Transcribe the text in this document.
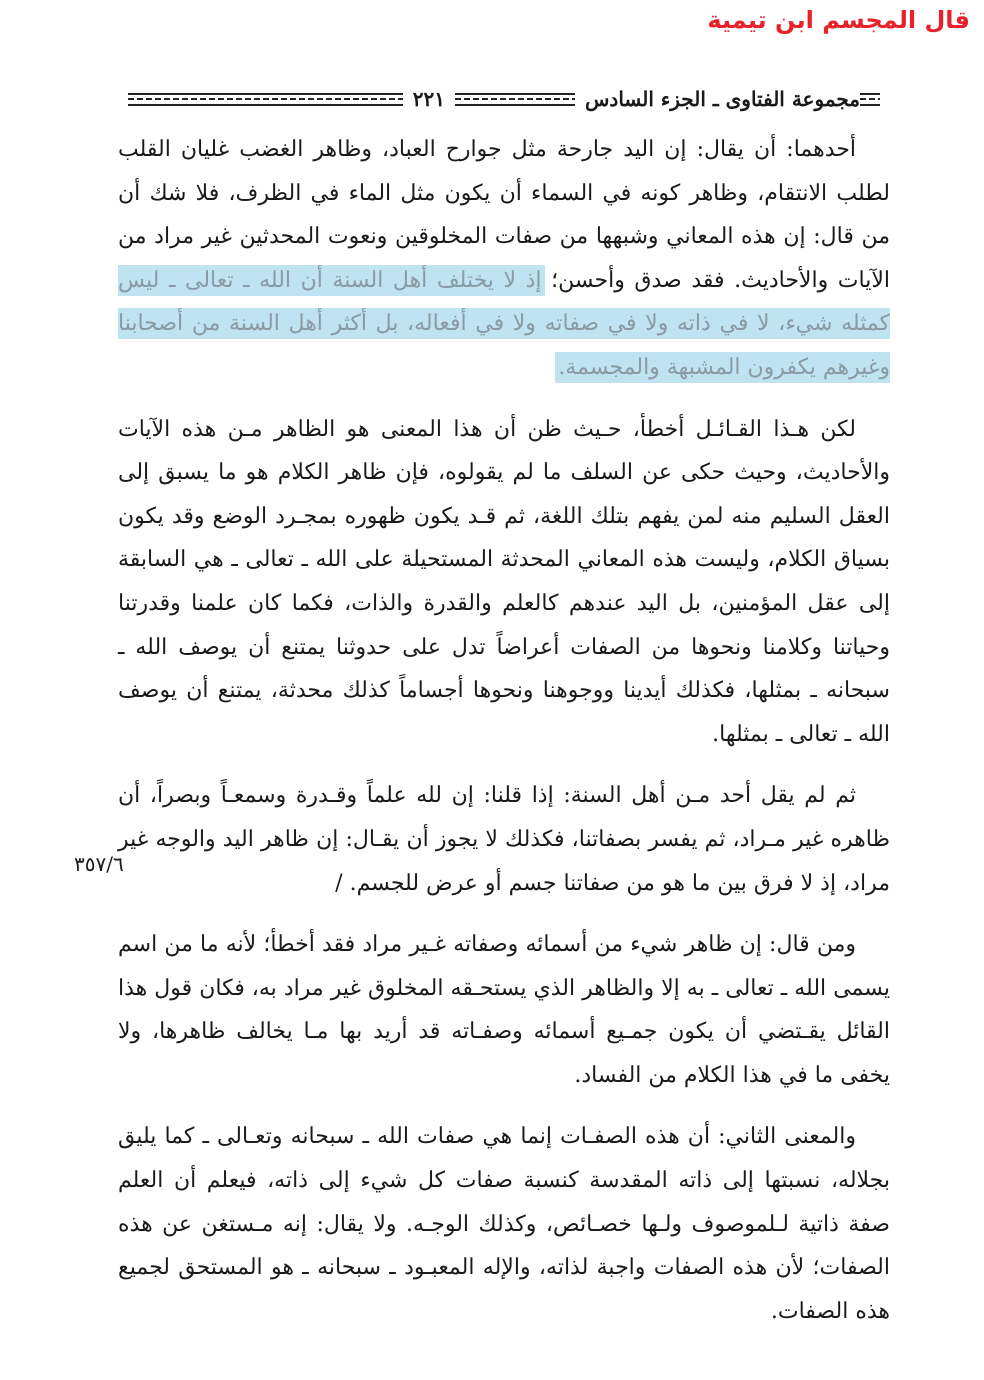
قال المجسم ابن تيمية
مجموعة الفتاوى ـ الجزء السادس
٢٢١

أحدهما: أن يقال: إن اليد جارحة مثل جوارح العباد، وظاهر الغضب غليان القلب لطلب الانتقام، وظاهر كونه في السماء أن يكون مثل الماء في الظرف، فلا شك أن من قال: إن هذه المعاني وشبهها من صفات المخلوقين ونعوت المحدثين غير مراد من الآيات والأحاديث. فقد صدق وأحسن؛ إذ لا يختلف أهل السنة أن الله ـ تعالى ـ ليس كمثله شيء، لا في ذاته ولا في صفاته ولا في أفعاله، بل أكثر أهل السنة من أصحابنا وغيرهم يكفرون المشبهة والمجسمة.

لكن هـذا القـائـل أخطأ، حـيث ظن أن هذا المعنى هو الظاهر مـن هذه الآيات والأحاديث، وحيث حكى عن السلف ما لم يقولوه، فإن ظاهر الكلام هو ما يسبق إلى العقل السليم منه لمن يفهم بتلك اللغة، ثم قـد يكون ظهوره بمجـرد الوضع وقد يكون بسياق الكلام، وليست هذه المعاني المحدثة المستحيلة على الله ـ تعالى ـ هي السابقة إلى عقل المؤمنين، بل اليد عندهم كالعلم والقدرة والذات، فكما كان علمنا وقدرتنا وحياتنا وكلامنا ونحوها من الصفات أعراضاً تدل على حدوثنا يمتنع أن يوصف الله ـ سبحانه ـ بمثلها، فكذلك أيدينا ووجوهنا ونحوها أجساماً كذلك محدثة، يمتنع أن يوصف الله ـ تعالى ـ بمثلها.

ثم لم يقل أحد مـن أهل السنة: إذا قلنا: إن لله علماً وقـدرة وسمعـاً وبصراً، أن ظاهره غير مـراد، ثم يفسر بصفاتنا، فكذلك لا يجوز أن يقـال: إن ظاهر اليد والوجه غير مراد، إذ لا فرق بين ما هو من صفاتنا جسم أو عرض للجسم. /

ومن قال: إن ظاهر شيء من أسمائه وصفاته غـير مراد فقد أخطأ؛ لأنه ما من اسم يسمى الله ـ تعالى ـ به إلا والظاهر الذي يستحـقه المخلوق غير مراد به، فكان قول هذا القائل يقـتضي أن يكون جمـيع أسمائه وصفـاته قد أريد بها مـا يخالف ظاهرها، ولا يخفى ما في هذا الكلام من الفساد.

والمعنى الثاني: أن هذه الصفـات إنما هي صفات الله ـ سبحانه وتعـالى ـ كما يليق بجلاله، نسبتها إلى ذاته المقدسة كنسبة صفات كل شيء إلى ذاته، فيعلم أن العلم صفة ذاتية لـلموصوف ولـها خصـائص، وكذلك الوجـه. ولا يقال: إنه مـستغن عن هذه الصفات؛ لأن هذه الصفات واجبة لذاته، والإله المعبـود ـ سبحانه ـ هو المستحق لجميع هذه الصفات.

٣٥٧/٦
